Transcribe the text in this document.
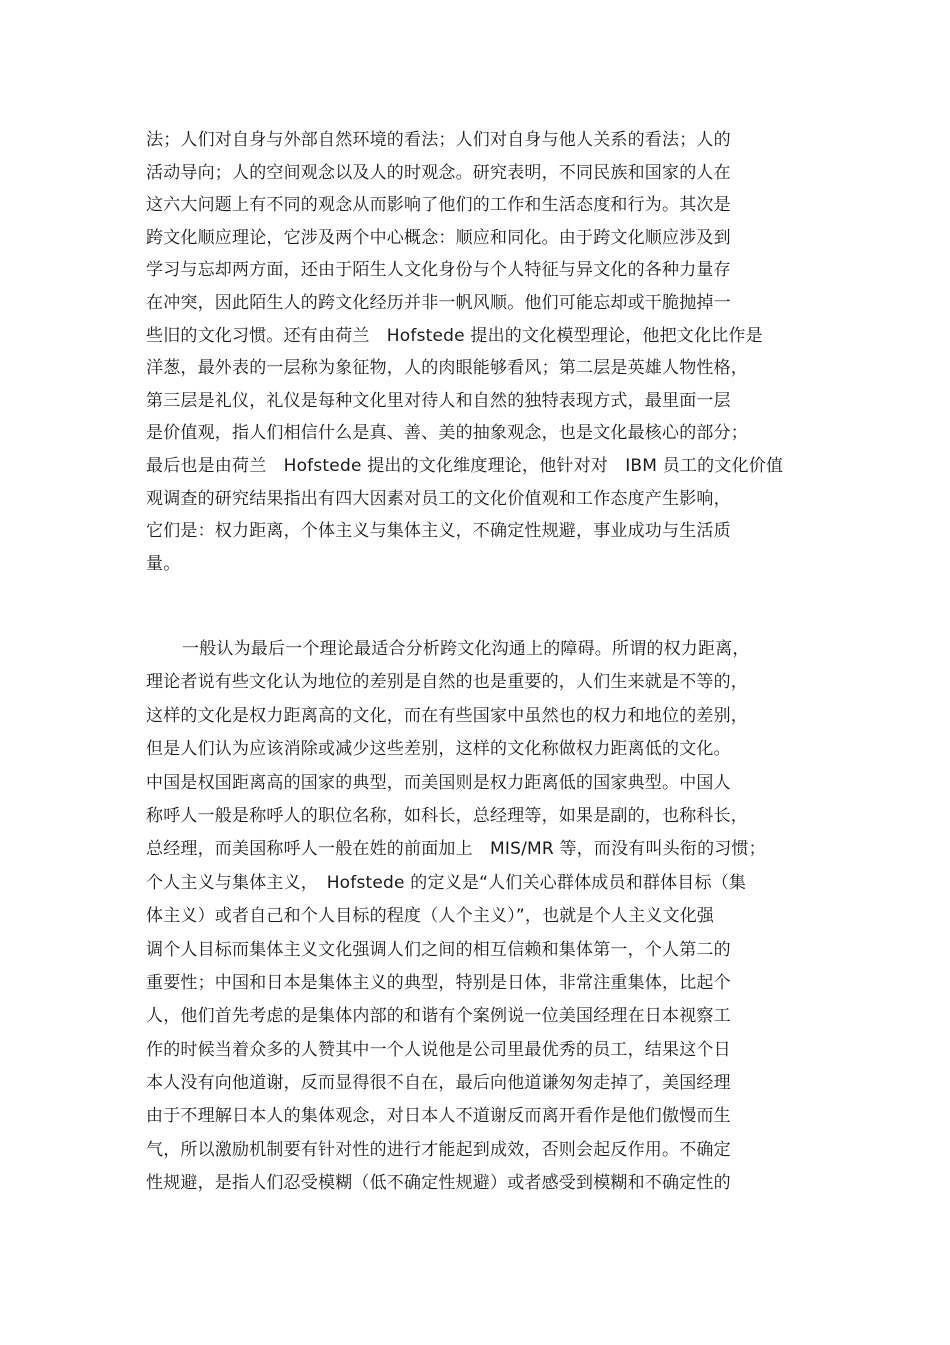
法；人们对自身与外部自然环境的看法；人们对自身与他人关系的看法；人的
活动导向；人的空间观念以及人的时观念。研究表明，不同民族和国家的人在
这六大问题上有不同的观念从而影响了他们的工作和生活态度和行为。其次是
跨文化顺应理论，它涉及两个中心概念：顺应和同化。由于跨文化顺应涉及到
学习与忘却两方面，还由于陌生人文化身份与个人特征与异文化的各种力量存
在冲突，因此陌生人的跨文化经历并非一帆风顺。他们可能忘却或干脆抛掉一
些旧的文化习惯。还有由荷兰　Hofstede 提出的文化模型理论，他把文化比作是
洋葱，最外表的一层称为象征物，人的肉眼能够看风；第二层是英雄人物性格，
第三层是礼仪，礼仪是每种文化里对待人和自然的独特表现方式，最里面一层
是价值观，指人们相信什么是真、善、美的抽象观念，也是文化最核心的部分；
最后也是由荷兰　Hofstede 提出的文化维度理论，他针对对　IBM 员工的文化价值
观调查的研究结果指出有四大因素对员工的文化价值观和工作态度产生影响，
它们是：权力距离，个体主义与集体主义，不确定性规避，事业成功与生活质
量。
一般认为最后一个理论最适合分析跨文化沟通上的障碍。所谓的权力距离，
理论者说有些文化认为地位的差别是自然的也是重要的，人们生来就是不等的，
这样的文化是权力距离高的文化，而在有些国家中虽然也的权力和地位的差别，
但是人们认为应该消除或减少这些差别，这样的文化称做权力距离低的文化。
中国是权国距离高的国家的典型，而美国则是权力距离低的国家典型。中国人
称呼人一般是称呼人的职位名称，如科长，总经理等，如果是副的，也称科长，
总经理，而美国称呼人一般在姓的前面加上　MIS/MR 等，而没有叫头衔的习惯；
个人主义与集体主义，　Hofstede 的定义是“人们关心群体成员和群体目标（集
体主义）或者自己和个人目标的程度（人个主义）”，也就是个人主义文化强
调个人目标而集体主义文化强调人们之间的相互信赖和集体第一，个人第二的
重要性；中国和日本是集体主义的典型，特别是日体，非常注重集体，比起个
人，他们首先考虑的是集体内部的和谐有个案例说一位美国经理在日本视察工
作的时候当着众多的人赞其中一个人说他是公司里最优秀的员工，结果这个日
本人没有向他道谢，反而显得很不自在，最后向他道谦匆匆走掉了，美国经理
由于不理解日本人的集体观念，对日本人不道谢反而离开看作是他们傲慢而生
气，所以激励机制要有针对性的进行才能起到成效，否则会起反作用。不确定
性规避，是指人们忍受模糊（低不确定性规避）或者感受到模糊和不确定性的
